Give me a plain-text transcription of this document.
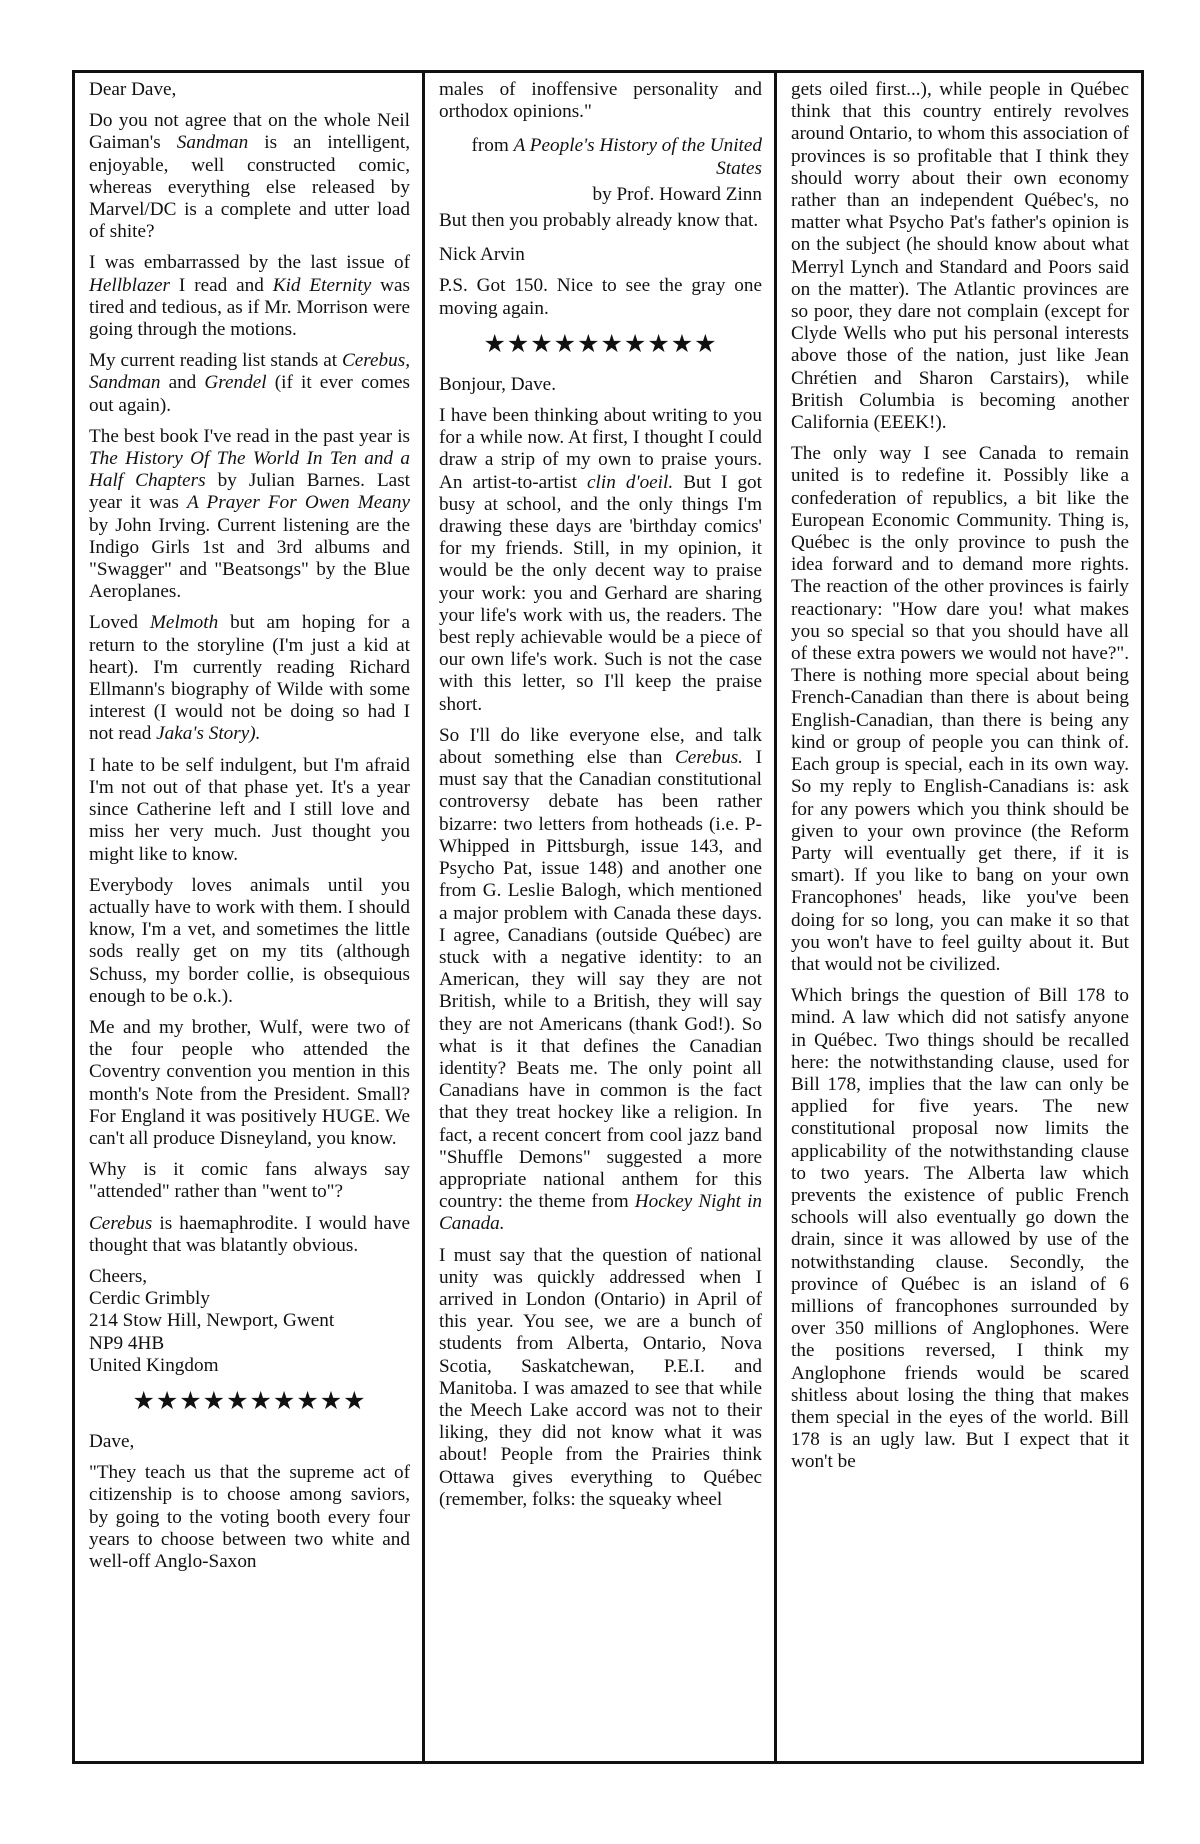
Dear Dave,

Do you not agree that on the whole Neil Gaiman's Sandman is an intelligent, enjoyable, well constructed comic, whereas everything else released by Marvel/DC is a complete and utter load of shite?

I was embarrassed by the last issue of Hellblazer I read and Kid Eternity was tired and tedious, as if Mr. Morrison were going through the motions.

My current reading list stands at Cerebus, Sandman and Grendel (if it ever comes out again).

The best book I've read in the past year is The History Of The World In Ten and a Half Chapters by Julian Barnes. Last year it was A Prayer For Owen Meany by John Irving. Current listening are the Indigo Girls 1st and 3rd albums and "Swagger" and "Beatsongs" by the Blue Aeroplanes.

Loved Melmoth but am hoping for a return to the storyline (I'm just a kid at heart). I'm currently reading Richard Ellmann's biography of Wilde with some interest (I would not be doing so had I not read Jaka's Story).

I hate to be self indulgent, but I'm afraid I'm not out of that phase yet. It's a year since Catherine left and I still love and miss her very much. Just thought you might like to know.

Everybody loves animals until you actually have to work with them. I should know, I'm a vet, and sometimes the little sods really get on my tits (although Schuss, my border collie, is obsequious enough to be o.k.).

Me and my brother, Wulf, were two of the four people who attended the Coventry convention you mention in this month's Note from the President. Small? For England it was positively HUGE. We can't all produce Disneyland, you know.

Why is it comic fans always say "attended" rather than "went to"?

Cerebus is haemaphrodite. I would have thought that was blatantly obvious.

Cheers,

Cerdic Grimbly

214 Stow Hill, Newport, Gwent

NP9 4HB

United Kingdom

★★★★★★★★★★

Dave,

"They teach us that the supreme act of citizenship is to choose among saviors, by going to the voting booth every four years to choose between two white and well-off Anglo-Saxon

males of inoffensive personality and orthodox opinions."

from A People's History of the United States

by Prof. Howard Zinn

But then you probably already know that.

Nick Arvin

P.S. Got 150. Nice to see the gray one moving again.

★★★★★★★★★★

Bonjour, Dave.

I have been thinking about writing to you for a while now. At first, I thought I could draw a strip of my own to praise yours. An artist-to-artist clin d'oeil. But I got busy at school, and the only things I'm drawing these days are 'birthday comics' for my friends. Still, in my opinion, it would be the only decent way to praise your work: you and Gerhard are sharing your life's work with us, the readers. The best reply achievable would be a piece of our own life's work. Such is not the case with this letter, so I'll keep the praise short.

So I'll do like everyone else, and talk about something else than Cerebus. I must say that the Canadian constitutional controversy debate has been rather bizarre: two letters from hotheads (i.e. P-Whipped in Pittsburgh, issue 143, and Psycho Pat, issue 148) and another one from G. Leslie Balogh, which mentioned a major problem with Canada these days. I agree, Canadians (outside Québec) are stuck with a negative identity: to an American, they will say they are not British, while to a British, they will say they are not Americans (thank God!). So what is it that defines the Canadian identity? Beats me. The only point all Canadians have in common is the fact that they treat hockey like a religion. In fact, a recent concert from cool jazz band "Shuffle Demons" suggested a more appropriate national anthem for this country: the theme from Hockey Night in Canada.

I must say that the question of national unity was quickly addressed when I arrived in London (Ontario) in April of this year. You see, we are a bunch of students from Alberta, Ontario, Nova Scotia, Saskatchewan, P.E.I. and Manitoba. I was amazed to see that while the Meech Lake accord was not to their liking, they did not know what it was about! People from the Prairies think Ottawa gives everything to Québec (remember, folks: the squeaky wheel

gets oiled first...), while people in Québec think that this country entirely revolves around Ontario, to whom this association of provinces is so profitable that I think they should worry about their own economy rather than an independent Québec's, no matter what Psycho Pat's father's opinion is on the subject (he should know about what Merryl Lynch and Standard and Poors said on the matter). The Atlantic provinces are so poor, they dare not complain (except for Clyde Wells who put his personal interests above those of the nation, just like Jean Chrétien and Sharon Carstairs), while British Columbia is becoming another California (EEEK!).

The only way I see Canada to remain united is to redefine it. Possibly like a confederation of republics, a bit like the European Economic Community. Thing is, Québec is the only province to push the idea forward and to demand more rights. The reaction of the other provinces is fairly reactionary: "How dare you! what makes you so special so that you should have all of these extra powers we would not have?". There is nothing more special about being French-Canadian than there is about being English-Canadian, than there is being any kind or group of people you can think of. Each group is special, each in its own way. So my reply to English-Canadians is: ask for any powers which you think should be given to your own province (the Reform Party will eventually get there, if it is smart). If you like to bang on your own Francophones' heads, like you've been doing for so long, you can make it so that you won't have to feel guilty about it. But that would not be civilized.

Which brings the question of Bill 178 to mind. A law which did not satisfy anyone in Québec. Two things should be recalled here: the notwithstanding clause, used for Bill 178, implies that the law can only be applied for five years. The new constitutional proposal now limits the applicability of the notwithstanding clause to two years. The Alberta law which prevents the existence of public French schools will also eventually go down the drain, since it was allowed by use of the notwithstanding clause. Secondly, the province of Québec is an island of 6 millions of francophones surrounded by over 350 millions of Anglophones. Were the positions reversed, I think my Anglophone friends would be scared shitless about losing the thing that makes them special in the eyes of the world. Bill 178 is an ugly law. But I expect that it won't be
